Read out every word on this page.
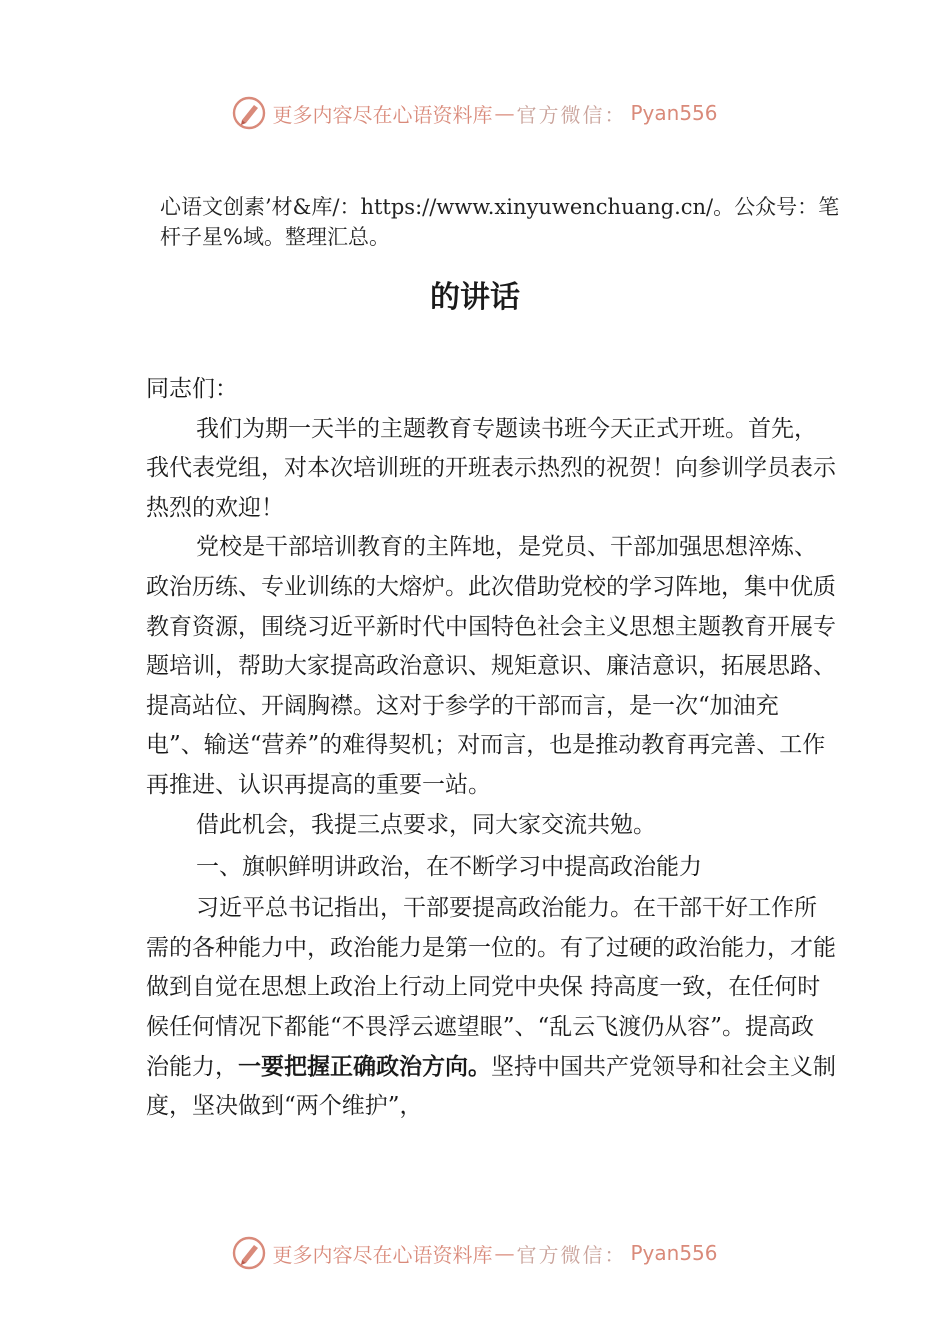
更多内容尽在心语资料库 — 官方微信： Pyan556
心语文创素’材&库/：https://www.xinyuwenchuang.cn/。公众号：笔杆子星%域。整理汇总。
的讲话

同志们：

我们为期一天半的主题教育专题读书班今天正式开班。首先，我代表党组，对本次培训班的开班表示热烈的祝贺！向参训学员表示热烈的欢迎！

党校是干部培训教育的主阵地，是党员、干部加强思想淬炼、政治历练、专业训练的大熔炉。此次借助党校的学习阵地，集中优质教育资源，围绕习近平新时代中国特色社会主义思想主题教育开展专题培训，帮助大家提高政治意识、规矩意识、廉洁意识，拓展思路、提高站位、开阔胸襟。这对于参学的干部而言，是一次“加油充电”、输送“营养”的难得契机；对而言，也是推动教育再完善、工作再推进、认识再提高的重要一站。

借此机会，我提三点要求，同大家交流共勉。

一、旗帜鲜明讲政治，在不断学习中提高政治能力

习近平总书记指出，干部要提高政治能力。在干部干好工作所需的各种能力中，政治能力是第一位的。有了过硬的政治能力，才能做到自觉在思想上政治上行动上同党中央保 持高度一致，在任何时候任何情况下都能“不畏浮云遮望眼”、“乱云飞渡仍从容”。提高政治能力，一要把握正确政治方向。坚持中国共产党领导和社会主义制度，坚决做到“两个维护”，

更多内容尽在心语资料库 — 官方微信： Pyan556
